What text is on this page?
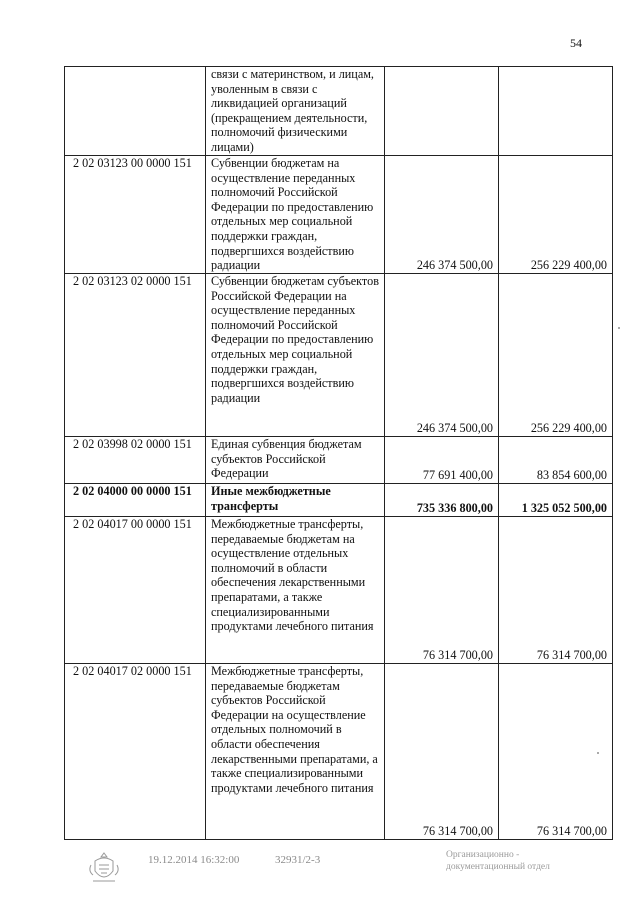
54
	связи с материнством, и лицам, уволенным в связи с ликвидацией организаций (прекращением деятельности, полномочий физическими лицами)		
2 02 03123 00 0000 151	Субвенции бюджетам на осуществление переданных полномочий Российской Федерации по предоставлению отдельных мер социальной поддержки граждан, подвергшихся воздействию радиации	246 374 500,00	256 229 400,00
2 02 03123 02 0000 151	Субвенции бюджетам субъектов Российской Федерации на осуществление переданных полномочий Российской Федерации по предоставлению отдельных мер социальной поддержки граждан, подвергшихся воздействию радиации	246 374 500,00	256 229 400,00
2 02 03998 02 0000 151	Единая субвенция бюджетам субъектов Российской Федерации	77 691 400,00	83 854 600,00
2 02 04000 00 0000 151	Иные межбюджетные трансферты	735 336 800,00	1 325 052 500,00
2 02 04017 00 0000 151	Межбюджетные трансферты, передаваемые бюджетам на осуществление отдельных полномочий в области обеспечения лекарственными препаратами, а также специализированными продуктами лечебного питания	76 314 700,00	76 314 700,00
2 02 04017 02 0000 151	Межбюджетные трансферты, передаваемые бюджетам субъектов Российской Федерации на осуществление отдельных полномочий в области обеспечения лекарственными препаратами, а также специализированными продуктами лечебного питания	76 314 700,00	76 314 700,00
19.12.2014 16:32:00	32931/2-3	Организационно - документационный отдел
